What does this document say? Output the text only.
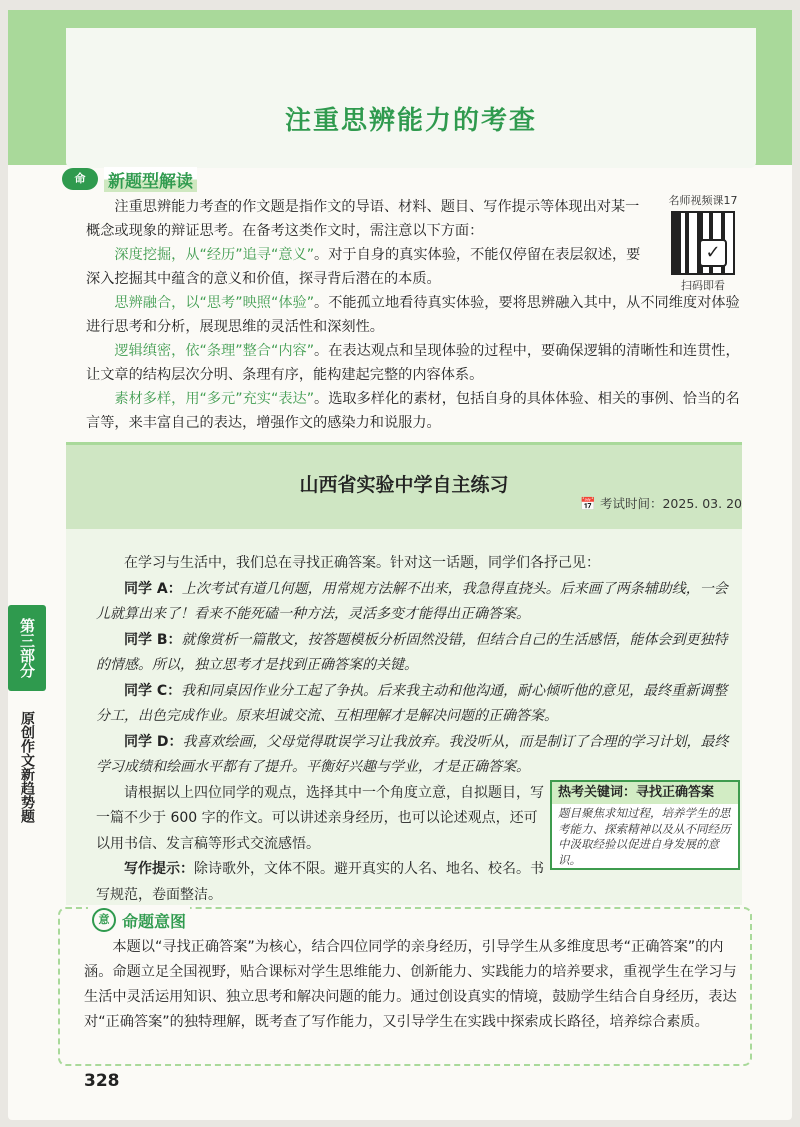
注重思辨能力的考查
命	新题型解读
名师视频课17
✓
扫码即看

注重思辨能力考查的作文题是指作文的导语、材料、题目、写作提示等体现出对某一概念或现象的辩证思考。在备考这类作文时，需注意以下方面：

深度挖掘，从“经历”追寻“意义”。对于自身的真实体验，不能仅停留在表层叙述，要深入挖掘其中蕴含的意义和价值，探寻背后潜在的本质。

思辨融合，以“思考”映照“体验”。不能孤立地看待真实体验，要将思辨融入其中，从不同维度对体验进行思考和分析，展现思维的灵活性和深刻性。

逻辑缜密，依“条理”整合“内容”。在表达观点和呈现体验的过程中，要确保逻辑的清晰性和连贯性，让文章的结构层次分明、条理有序，能构建起完整的内容体系。

素材多样，用“多元”充实“表达”。选取多样化的素材，包括自身的具体体验、相关的事例、恰当的名言等，来丰富自己的表达，增强作文的感染力和说服力。

山西省实验中学自主练习
📅 考试时间：2025. 03. 20

在学习与生活中，我们总在寻找正确答案。针对这一话题，同学们各抒己见：

同学 A：上次考试有道几何题，用常规方法解不出来，我急得直挠头。后来画了两条辅助线，一会儿就算出来了！看来不能死磕一种方法，灵活多变才能得出正确答案。

同学 B：就像赏析一篇散文，按答题模板分析固然没错，但结合自己的生活感悟，能体会到更独特的情感。所以，独立思考才是找到正确答案的关键。

同学 C：我和同桌因作业分工起了争执。后来我主动和他沟通，耐心倾听他的意见，最终重新调整分工，出色完成作业。原来坦诚交流、互相理解才是解决问题的正确答案。

同学 D：我喜欢绘画，父母觉得耽误学习让我放弃。我没听从，而是制订了合理的学习计划，最终学习成绩和绘画水平都有了提升。平衡好兴趣与学业，才是正确答案。

请根据以上四位同学的观点，选择其中一个角度立意，自拟题目，写一篇不少于 600 字的作文。可以讲述亲身经历，也可以论述观点，还可以用书信、发言稿等形式交流感悟。

写作提示：除诗歌外，文体不限。避开真实的人名、地名、校名。书写规范，卷面整洁。

热考关键词：寻找正确答案
题目聚焦求知过程，培养学生的思考能力、探索精神以及从不同经历中汲取经验以促进自身发展的意识。
第三部分
原创作文新趋势题
意 命题意图

本题以“寻找正确答案”为核心，结合四位同学的亲身经历，引导学生从多维度思考“正确答案”的内涵。命题立足全国视野，贴合课标对学生思维能力、创新能力、实践能力的培养要求，重视学生在学习与生活中灵活运用知识、独立思考和解决问题的能力。通过创设真实的情境，鼓励学生结合自身经历，表达对“正确答案”的独特理解，既考查了写作能力，又引导学生在实践中探索成长路径，培养综合素质。

328
